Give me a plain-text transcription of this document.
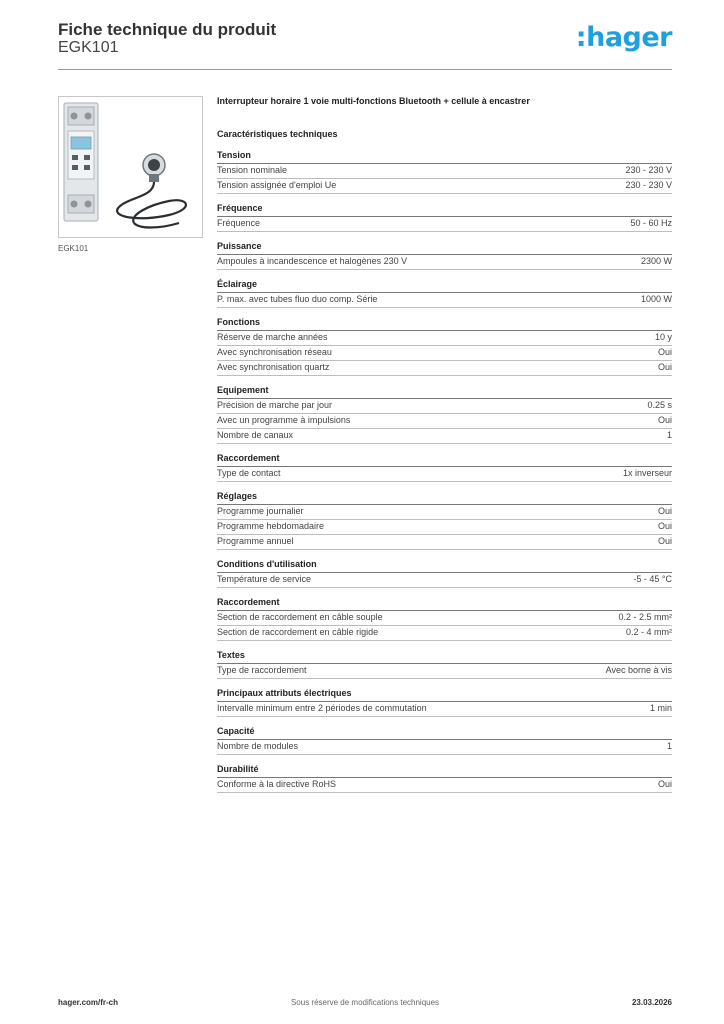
Fiche technique du produit
EGK101	:hager
EGK101
Interrupteur horaire 1 voie multi-fonctions Bluetooth + cellule à encastrer
Caractéristiques techniques
Tension
Tension nominale	230 - 230 V
Tension assignée d'emploi Ue	230 - 230 V
Fréquence
Fréquence	50 - 60 Hz
Puissance
Ampoules à incandescence et halogènes 230 V	2300 W
Éclairage
P. max. avec tubes fluo duo comp. Série	1000 W
Fonctions
Réserve de marche années	10 y
Avec synchronisation réseau	Oui
Avec synchronisation quartz	Oui
Equipement
Précision de marche par jour	0.25 s
Avec un programme à impulsions	Oui
Nombre de canaux	1
Raccordement
Type de contact	1x inverseur
Réglages
Programme journalier	Oui
Programme hebdomadaire	Oui
Programme annuel	Oui
Conditions d'utilisation
Température de service	-5 - 45 °C
Raccordement
Section de raccordement en câble souple	0.2 - 2.5 mm²
Section de raccordement en câble rigide	0.2 - 4 mm²
Textes
Type de raccordement	Avec borne à vis
Principaux attributs électriques
Intervalle minimum entre 2 périodes de commutation	1 min
Capacité
Nombre de modules	1
Durabilité
Conforme à la directive RoHS	Oui
hager.com/fr-ch	Sous réserve de modifications techniques	23.03.2026
